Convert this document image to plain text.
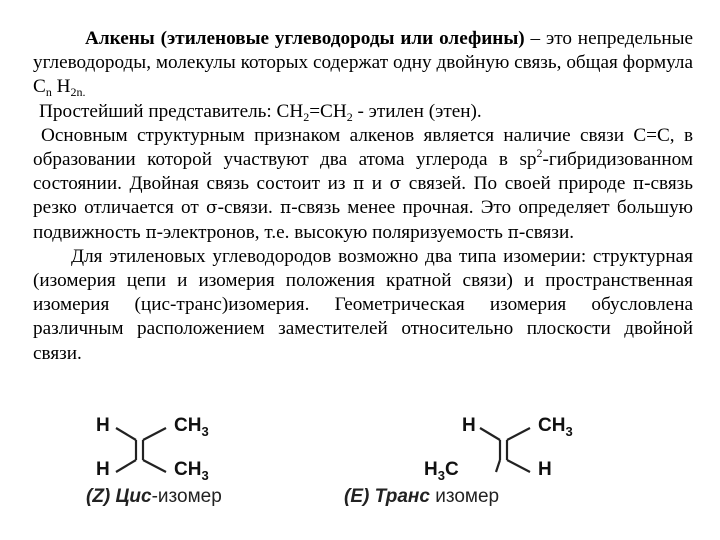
Алкены (этиленовые углеводороды или олефины) – это непредельные углеводороды, молекулы которых содержат одну двойную связь, общая формула $C_n$ $H_{2n.}$

Простейший представитель: $CH_2=CH_2$ - этилен (этен).

Основным структурным признаком алкенов является наличие связи C=C, в образовании которой участвуют два атома углерода в $sp^2$-гибридизованном состоянии. Двойная связь состоит из π и σ связей. По своей природе π-связь резко отличается от σ-связи. π-связь менее прочная. Это определяет большую подвижность π-электронов, т.е. высокую поляризуемость π-связи.

Для этиленовых углеводородов возможно два типа изомерии: структурная (изомерия цепи и изомерия положения кратной связи) и пространственная изомерия (цис-транс)изомерия. Геометрическая изомерия обусловлена различным расположением заместителей относительно плоскости двойной связи.

H	$CH_3$
H	$CH_3$
(Z) Цис-изомер
H	$CH_3$
$H_3C$	H
(E) Транс изомер
